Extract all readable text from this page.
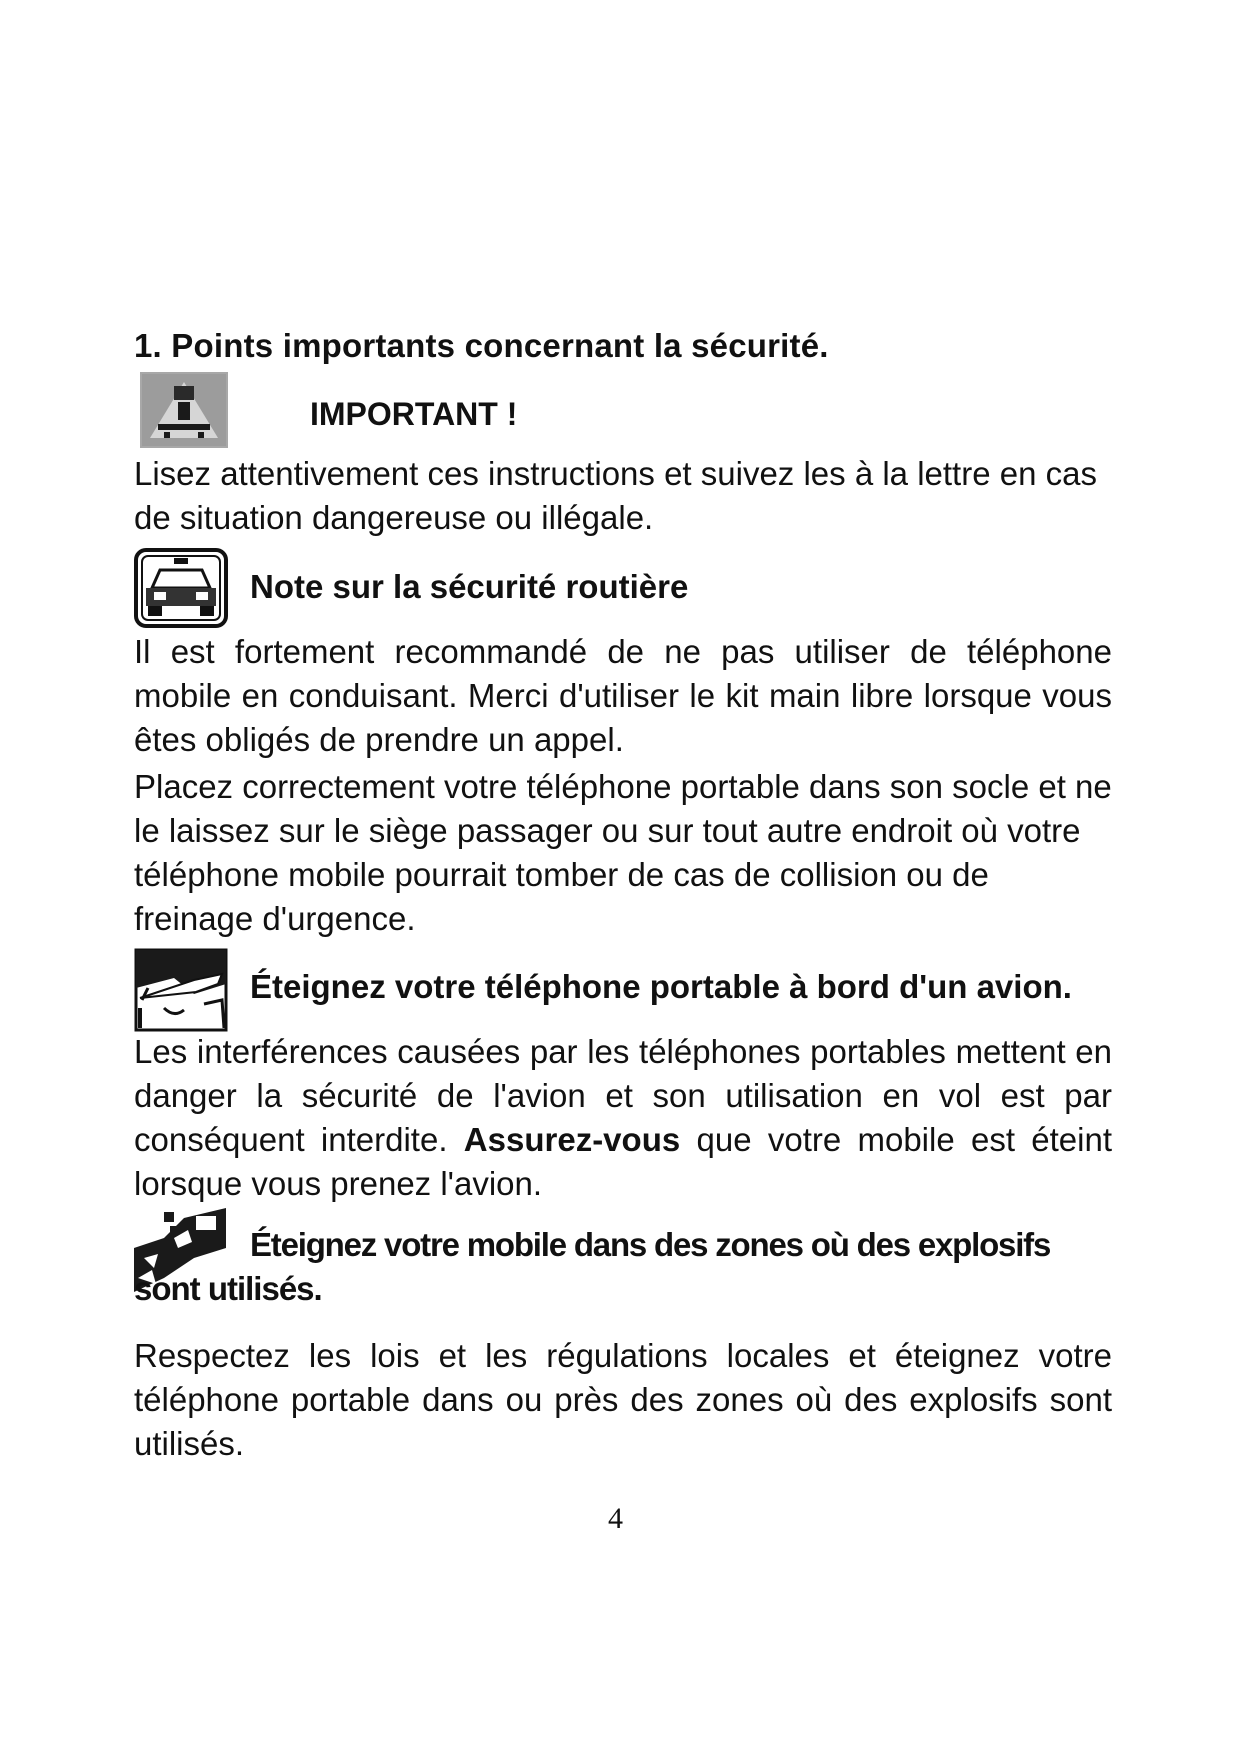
1. Points importants concernant la sécurité.
IMPORTANT !
Lisez attentivement ces instructions et suivez les à la lettre en cas de situation dangereuse ou illégale.
Note sur la sécurité routière
Il est fortement recommandé de ne pas utiliser de téléphone mobile en conduisant. Merci d'utiliser le kit main libre lorsque vous êtes obligés de prendre un appel.
Placez correctement votre téléphone portable dans son socle et ne le laissez sur le siège passager ou sur tout autre endroit où votre téléphone mobile pourrait tomber de cas de collision ou de freinage d'urgence.
Éteignez votre téléphone portable à bord d'un avion.
Les interférences causées par les téléphones portables mettent en danger la sécurité de l'avion et son utilisation en vol est par conséquent interdite. Assurez-vous que votre mobile est éteint lorsque vous prenez l'avion.
Éteignez votre mobile dans des zones où des explosifs
sont utilisés.
Respectez les lois et les régulations locales et éteignez votre téléphone portable dans ou près des zones où des explosifs sont utilisés.
4
